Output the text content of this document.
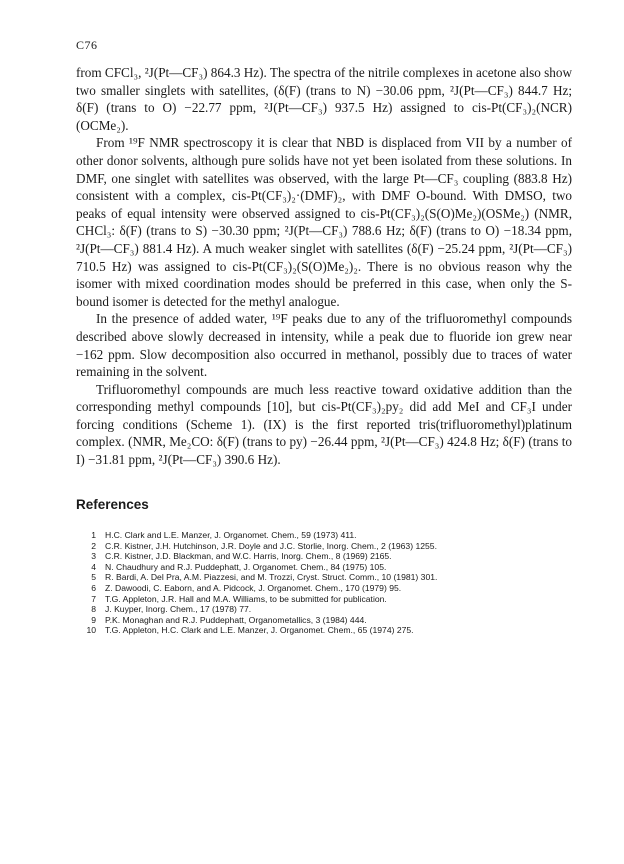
C76

from CFCl₃, ²J(Pt—CF₃) 864.3 Hz). The spectra of the nitrile complexes in acetone also show two smaller singlets with satellites, (δ(F) (trans to N) −30.06 ppm, ²J(Pt—CF₃) 844.7 Hz; δ(F) (trans to O) −22.77 ppm, ²J(Pt—CF₃) 937.5 Hz) assigned to cis-Pt(CF₃)₂(NCR)(OCMe₂).

From ¹⁹F NMR spectroscopy it is clear that NBD is displaced from VII by a number of other donor solvents, although pure solids have not yet been isolated from these solutions. In DMF, one singlet with satellites was observed, with the large Pt—CF₃ coupling (883.8 Hz) consistent with a complex, cis-Pt(CF₃)₂·(DMF)₂, with DMF O-bound. With DMSO, two peaks of equal intensity were observed assigned to cis-Pt(CF₃)₂(S(O)Me₂)(OSMe₂) (NMR, CHCl₃: δ(F) (trans to S) −30.30 ppm; ²J(Pt—CF₃) 788.6 Hz; δ(F) (trans to O) −18.34 ppm, ²J(Pt—CF₃) 881.4 Hz). A much weaker singlet with satellites (δ(F) −25.24 ppm, ²J(Pt—CF₃) 710.5 Hz) was assigned to cis-Pt(CF₃)₂(S(O)Me₂)₂. There is no obvious reason why the isomer with mixed coordination modes should be preferred in this case, when only the S-bound isomer is detected for the methyl analogue.

In the presence of added water, ¹⁹F peaks due to any of the trifluoromethyl compounds described above slowly decreased in intensity, while a peak due to fluoride ion grew near −162 ppm. Slow decomposition also occurred in methanol, possibly due to traces of water remaining in the solvent.

Trifluoromethyl compounds are much less reactive toward oxidative addition than the corresponding methyl compounds [10], but cis-Pt(CF₃)₂py₂ did add MeI and CF₃I under forcing conditions (Scheme 1). (IX) is the first reported tris(trifluoromethyl)platinum complex. (NMR, Me₂CO: δ(F) (trans to py) −26.44 ppm, ²J(Pt—CF₃) 424.8 Hz; δ(F) (trans to I) −31.81 ppm, ²J(Pt—CF₃) 390.6 Hz).

References
1	H.C. Clark and L.E. Manzer, J. Organomet. Chem., 59 (1973) 411.
2	C.R. Kistner, J.H. Hutchinson, J.R. Doyle and J.C. Storlie, Inorg. Chem., 2 (1963) 1255.
3	C.R. Kistner, J.D. Blackman, and W.C. Harris, Inorg. Chem., 8 (1969) 2165.
4	N. Chaudhury and R.J. Puddephatt, J. Organomet. Chem., 84 (1975) 105.
5	R. Bardi, A. Del Pra, A.M. Piazzesi, and M. Trozzi, Cryst. Struct. Comm., 10 (1981) 301.
6	Z. Dawoodi, C. Eaborn, and A. Pidcock, J. Organomet. Chem., 170 (1979) 95.
7	T.G. Appleton, J.R. Hall and M.A. Williams, to be submitted for publication.
8	J. Kuyper, Inorg. Chem., 17 (1978) 77.
9	P.K. Monaghan and R.J. Puddephatt, Organometallics, 3 (1984) 444.
10	T.G. Appleton, H.C. Clark and L.E. Manzer, J. Organomet. Chem., 65 (1974) 275.
